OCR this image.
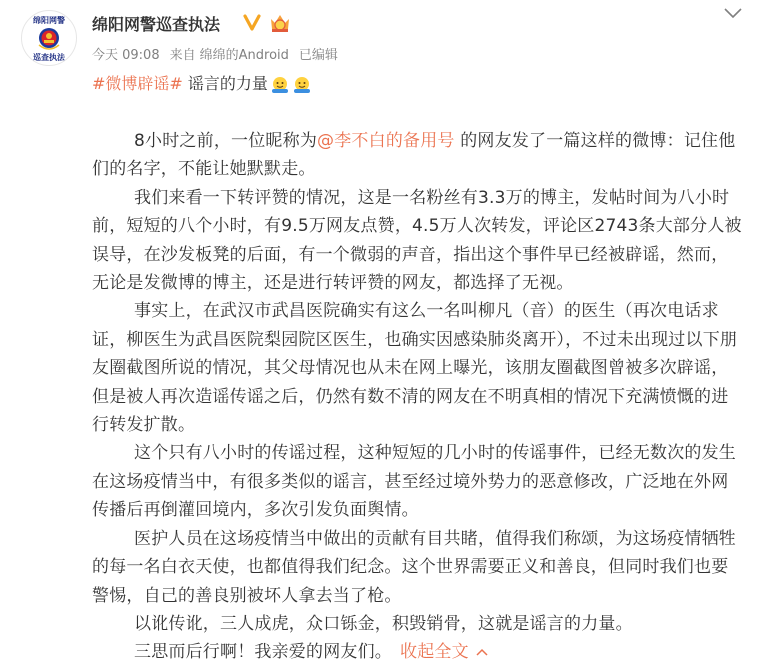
绵阳网警
巡查执法
绵阳网警巡查执法
今天 09:08 来自 绵绵的Android 已编辑
#微博辟谣# 谣言的力量

8小时之前，一位昵称为@李不白的备用号 的网友发了一篇这样的微博：记住他们的名字，不能让她默默走。

我们来看一下转评赞的情况，这是一名粉丝有3.3万的博主，发帖时间为八小时前，短短的八个小时，有9.5万网友点赞，4.5万人次转发，评论区2743条大部分人被误导，在沙发板凳的后面，有一个微弱的声音，指出这个事件早已经被辟谣，然而，无论是发微博的博主，还是进行转评赞的网友，都选择了无视。

事实上，在武汉市武昌医院确实有这么一名叫柳凡（音）的医生（再次电话求证，柳医生为武昌医院梨园院区医生，也确实因感染肺炎离开），不过未出现过以下朋友圈截图所说的情况，其父母情况也从未在网上曝光，该朋友圈截图曾被多次辟谣，但是被人再次造谣传谣之后，仍然有数不清的网友在不明真相的情况下充满愤慨的进行转发扩散。

这个只有八小时的传谣过程，这种短短的几小时的传谣事件，已经无数次的发生在这场疫情当中，有很多类似的谣言，甚至经过境外势力的恶意修改，广泛地在外网传播后再倒灌回境内，多次引发负面舆情。

医护人员在这场疫情当中做出的贡献有目共睹，值得我们称颂，为这场疫情牺牲的每一名白衣天使，也都值得我们纪念。这个世界需要正义和善良，但同时我们也要警惕，自己的善良别被坏人拿去当了枪。

以讹传讹，三人成虎，众口铄金，积毁销骨，这就是谣言的力量。

三思而后行啊！我亲爱的网友们。 收起全文
